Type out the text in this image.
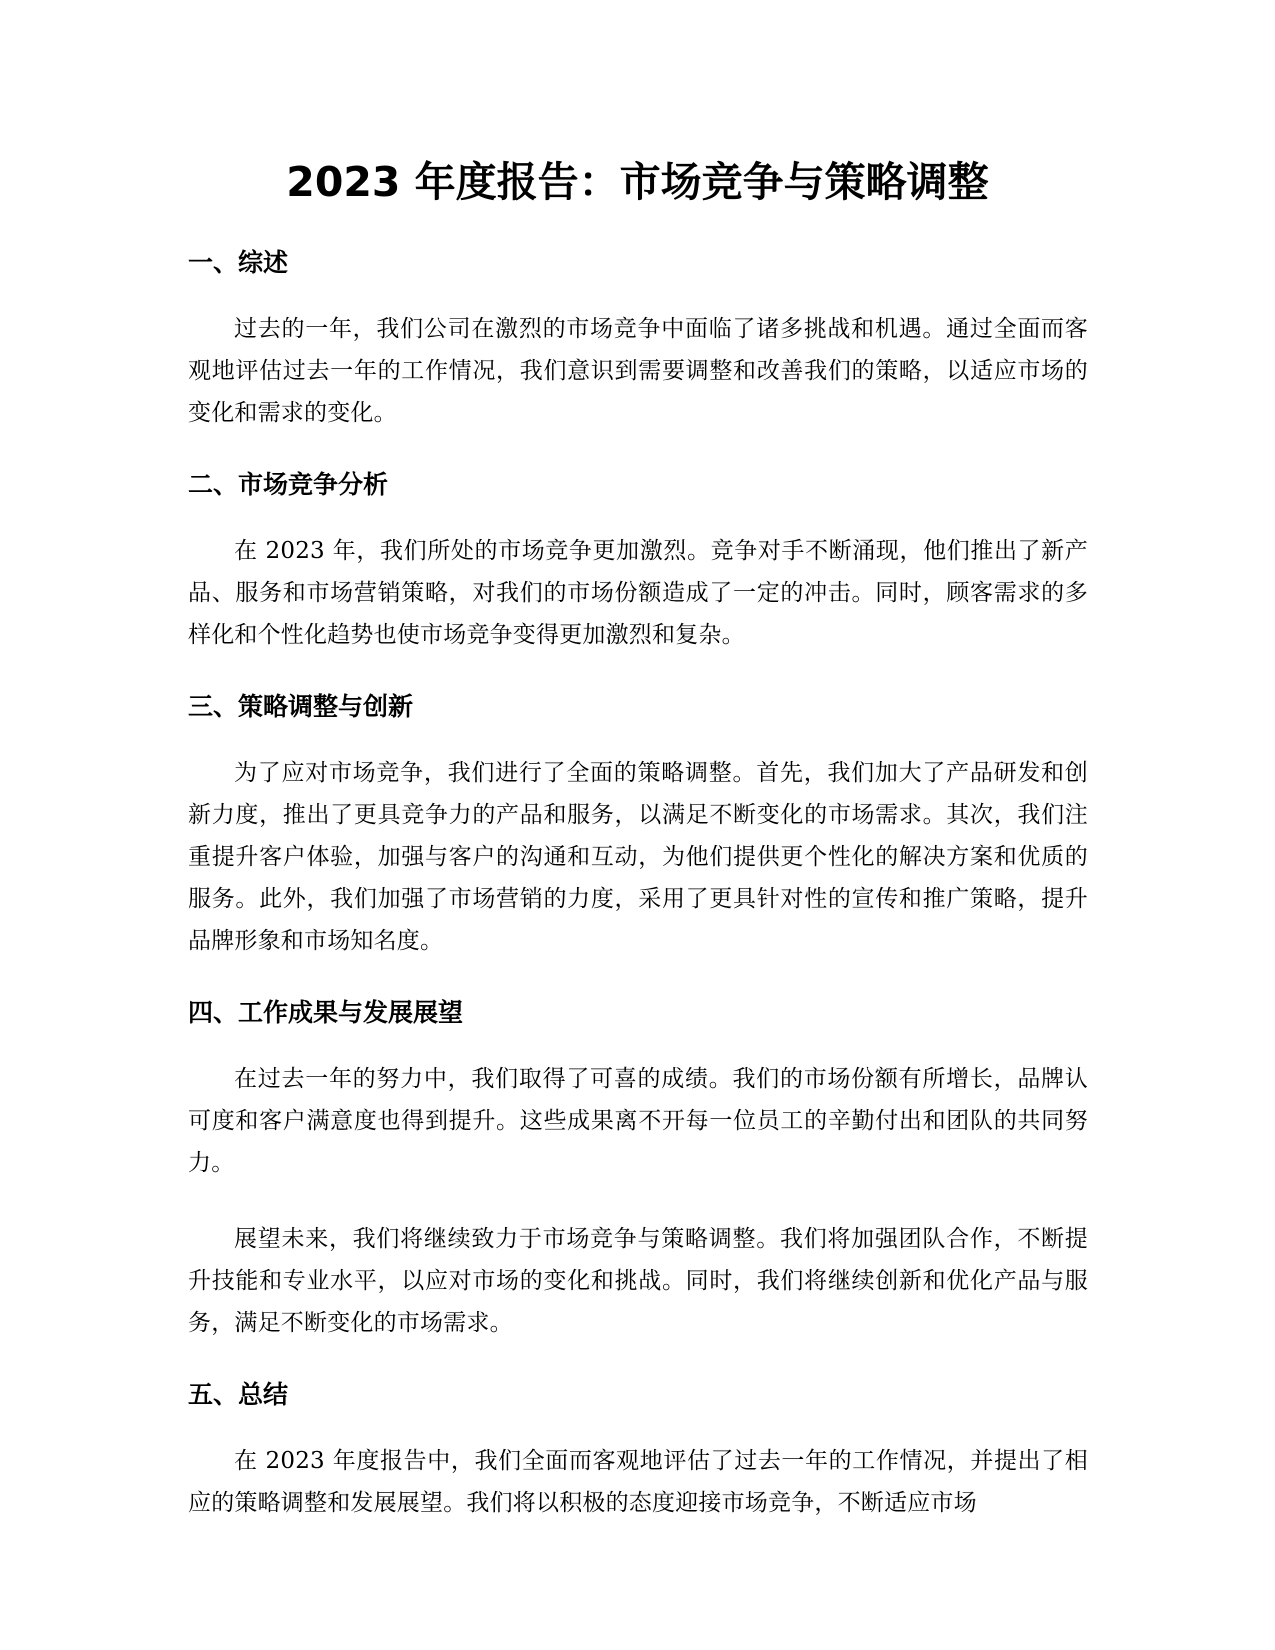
2023 年度报告：市场竞争与策略调整
一、综述

过去的一年，我们公司在激烈的市场竞争中面临了诸多挑战和机遇。通过全面而客观地评估过去一年的工作情况，我们意识到需要调整和改善我们的策略，以适应市场的变化和需求的变化。

二、市场竞争分析

在 2023 年，我们所处的市场竞争更加激烈。竞争对手不断涌现，他们推出了新产品、服务和市场营销策略，对我们的市场份额造成了一定的冲击。同时，顾客需求的多样化和个性化趋势也使市场竞争变得更加激烈和复杂。

三、策略调整与创新

为了应对市场竞争，我们进行了全面的策略调整。首先，我们加大了产品研发和创新力度，推出了更具竞争力的产品和服务，以满足不断变化的市场需求。其次，我们注重提升客户体验，加强与客户的沟通和互动，为他们提供更个性化的解决方案和优质的服务。此外，我们加强了市场营销的力度，采用了更具针对性的宣传和推广策略，提升品牌形象和市场知名度。

四、工作成果与发展展望

在过去一年的努力中，我们取得了可喜的成绩。我们的市场份额有所增长，品牌认可度和客户满意度也得到提升。这些成果离不开每一位员工的辛勤付出和团队的共同努力。

展望未来，我们将继续致力于市场竞争与策略调整。我们将加强团队合作，不断提升技能和专业水平，以应对市场的变化和挑战。同时，我们将继续创新和优化产品与服务，满足不断变化的市场需求。

五、总结

在 2023 年度报告中，我们全面而客观地评估了过去一年的工作情况，并提出了相应的策略调整和发展展望。我们将以积极的态度迎接市场竞争，不断适应市场
